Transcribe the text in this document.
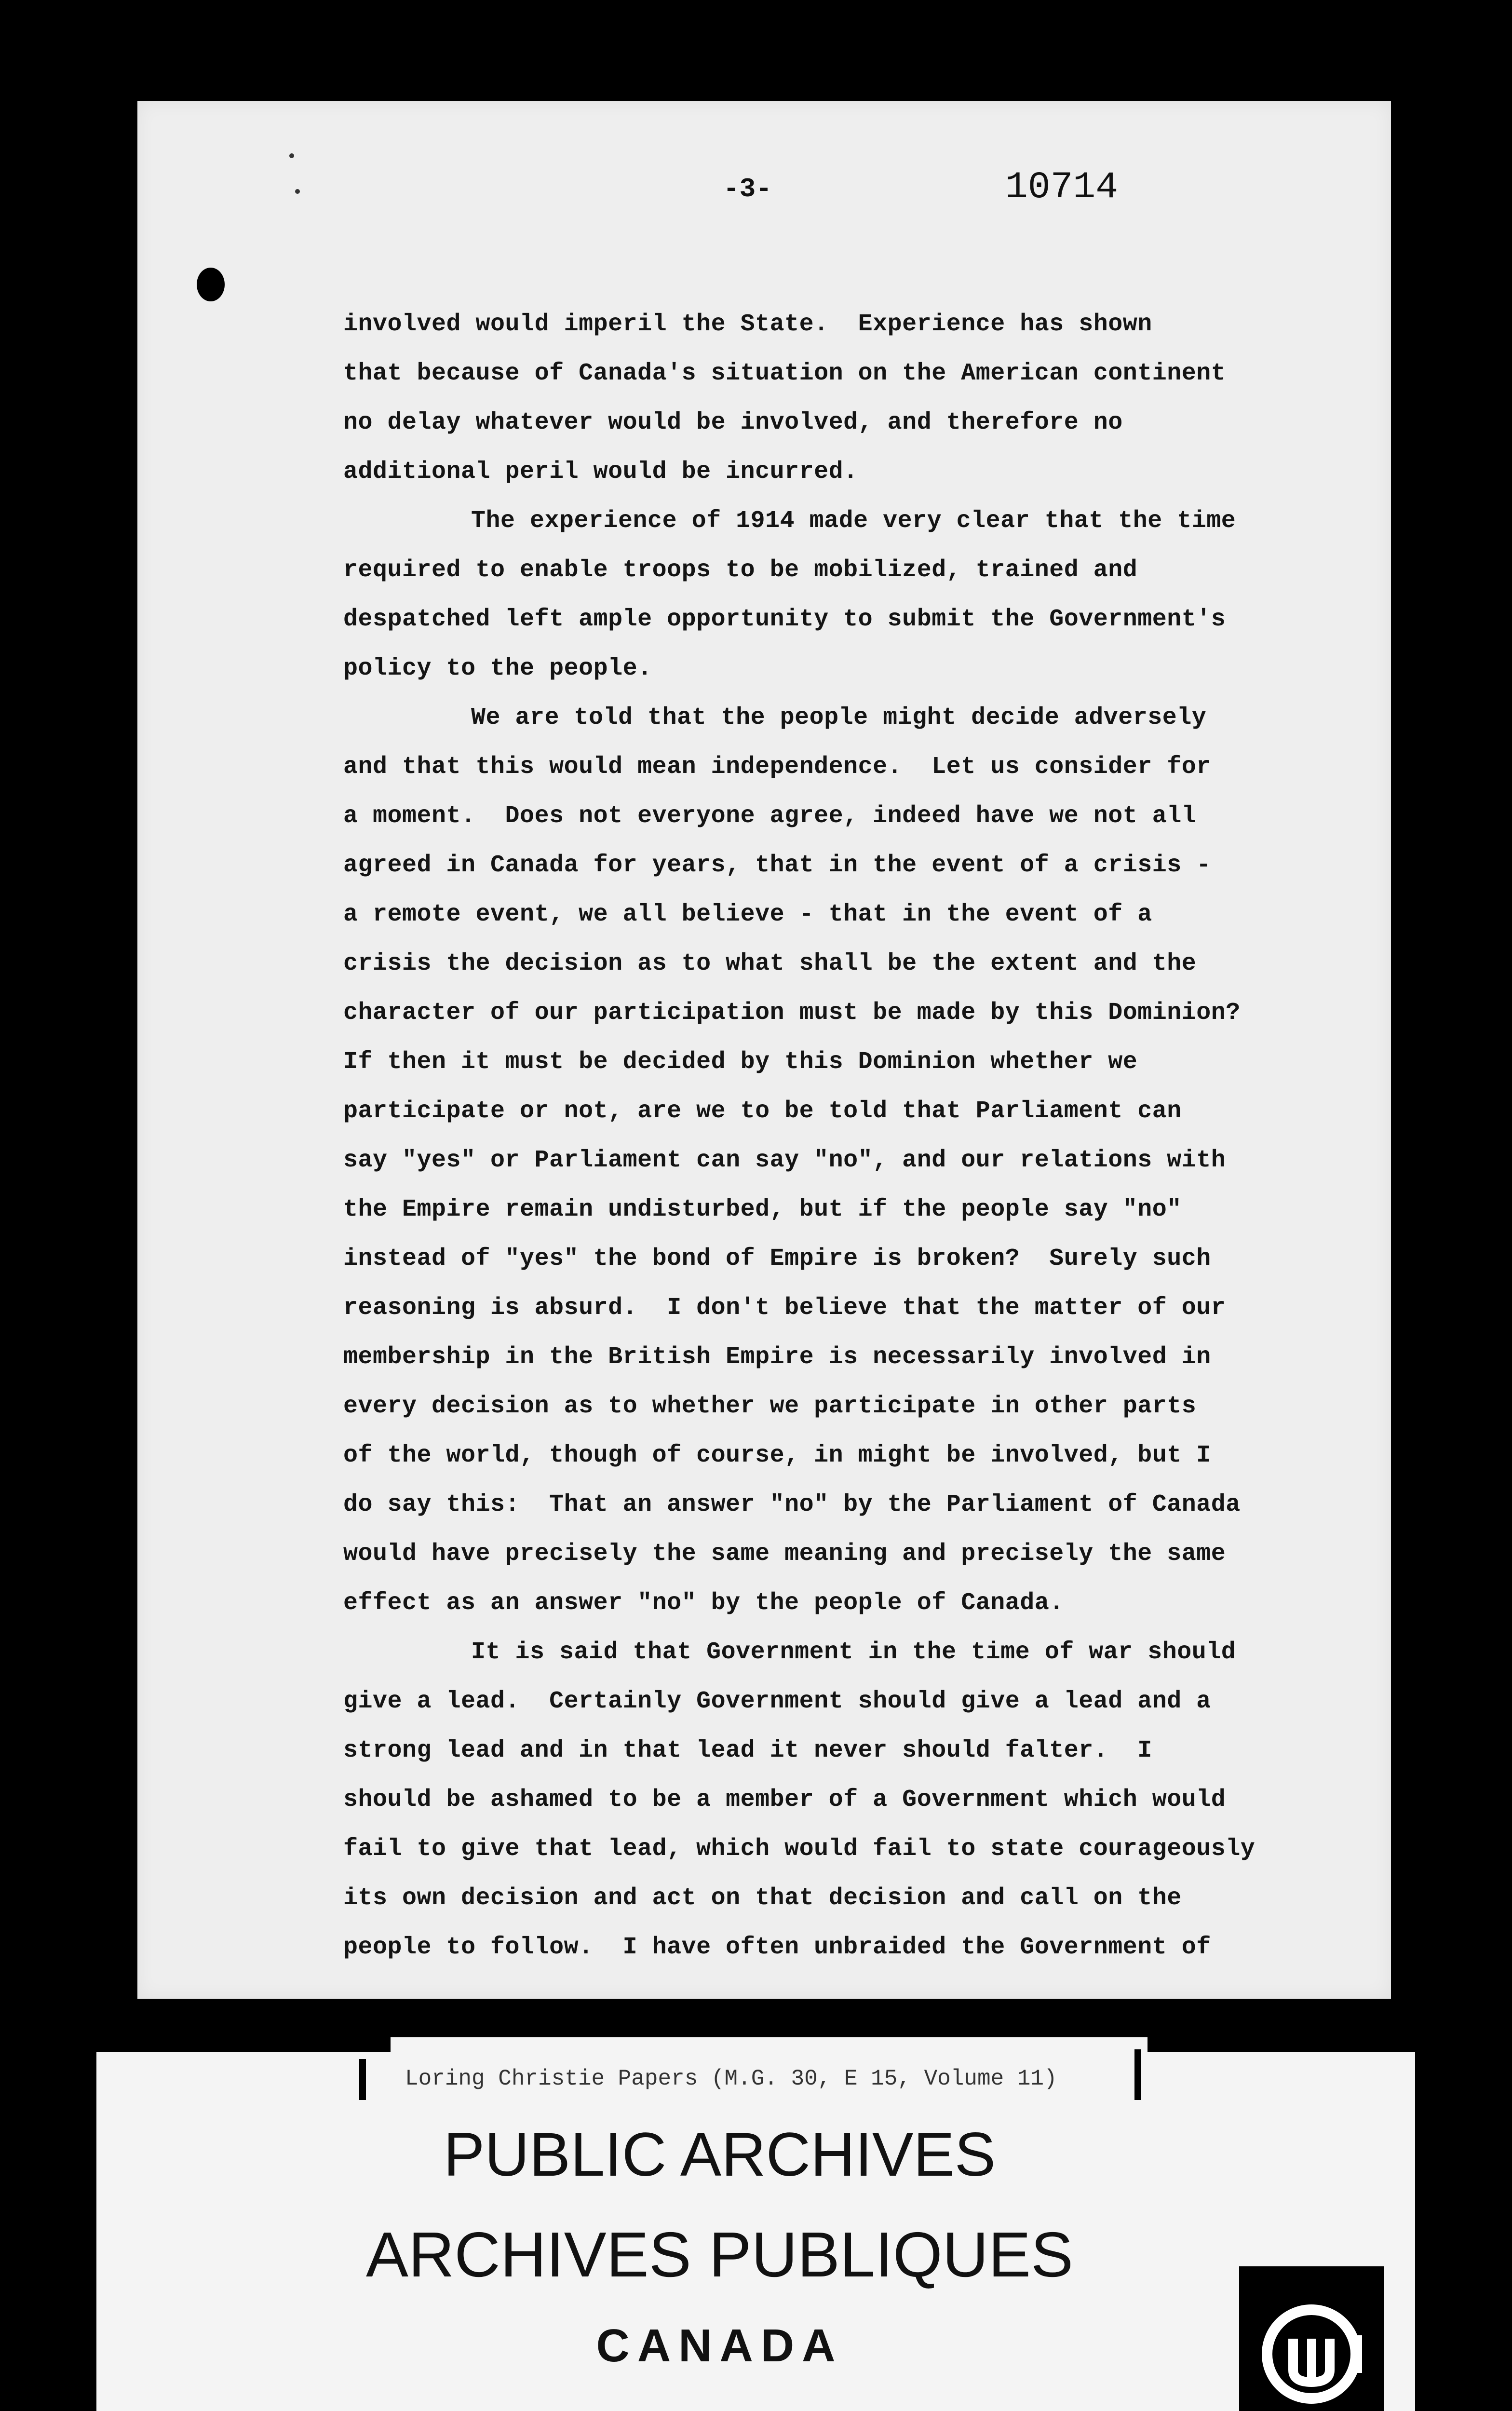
-3-	10714
involved would imperil the State.  Experience has shown
that because of Canada's situation on the American continent
no delay whatever would be involved, and therefore no
additional peril would be incurred.
The experience of 1914 made very clear that the time
required to enable troops to be mobilized, trained and
despatched left ample opportunity to submit the Government's
policy to the people.
We are told that the people might decide adversely
and that this would mean independence.  Let us consider for
a moment.  Does not everyone agree, indeed have we not all
agreed in Canada for years, that in the event of a crisis -
a remote event, we all believe - that in the event of a
crisis the decision as to what shall be the extent and the
character of our participation must be made by this Dominion?
If then it must be decided by this Dominion whether we
participate or not, are we to be told that Parliament can
say "yes" or Parliament can say "no", and our relations with
the Empire remain undisturbed, but if the people say "no"
instead of "yes" the bond of Empire is broken?  Surely such
reasoning is absurd.  I don't believe that the matter of our
membership in the British Empire is necessarily involved in
every decision as to whether we participate in other parts
of the world, though of course, in might be involved, but I
do say this:  That an answer "no" by the Parliament of Canada
would have precisely the same meaning and precisely the same
effect as an answer "no" by the people of Canada.
It is said that Government in the time of war should
give a lead.  Certainly Government should give a lead and a
strong lead and in that lead it never should falter.  I
should be ashamed to be a member of a Government which would
fail to give that lead, which would fail to state courageously
its own decision and act on that decision and call on the
people to follow.  I have often unbraided the Government of
Loring Christie Papers (M.G. 30, E 15, Volume 11)
PUBLIC ARCHIVES
ARCHIVES PUBLIQUES
CANADA
